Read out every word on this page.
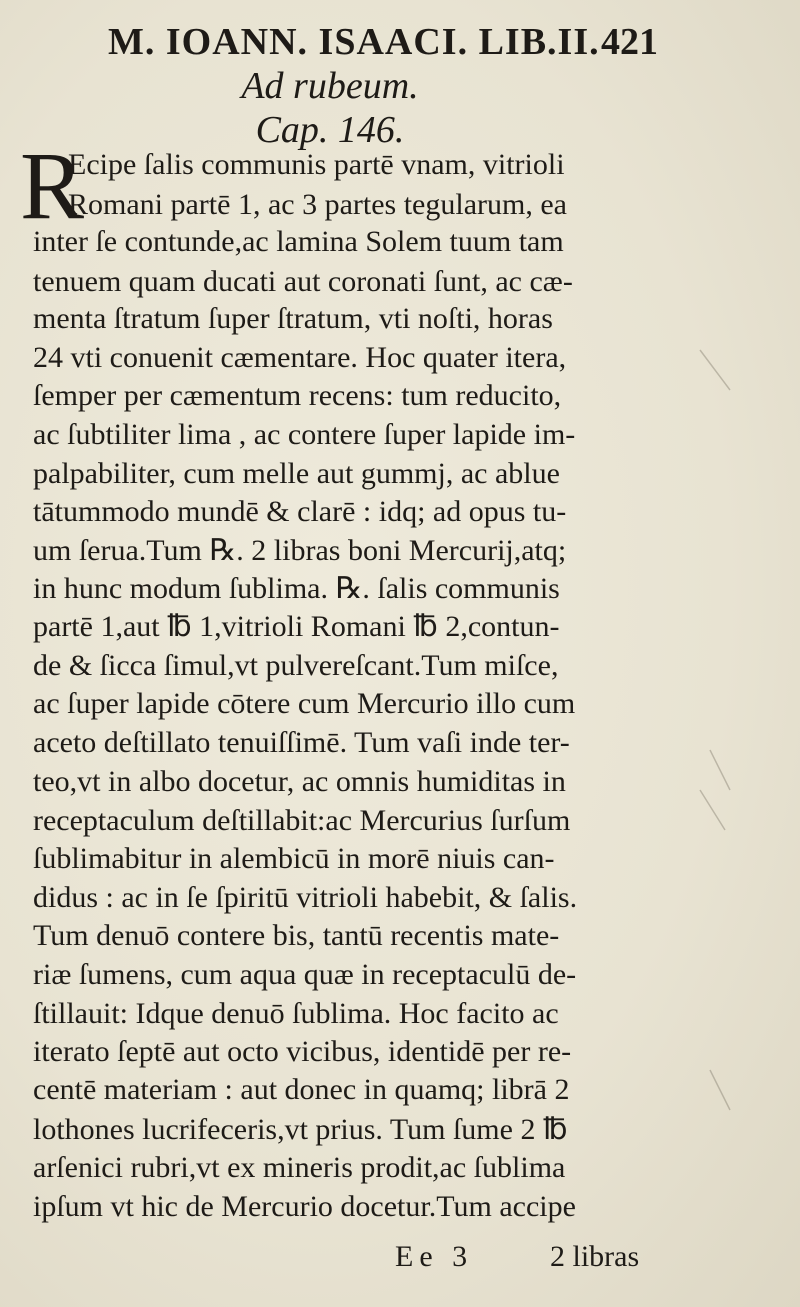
M. IOANN. ISAACI. LIB.II. 421
Ad rubeum.
Cap. 146.
R
Ecipe ſalis communis partē vnam, vitrioli
Romani partē 1, ac 3 partes tegularum, ea
inter ſe contunde,ac lamina Solem tuum tam
tenuem quam ducati aut coronati ſunt, ac cæ-
menta ſtratum ſuper ſtratum, vti noſti, horas
24 vti conuenit cæmentare. Hoc quater itera,
ſemper per cæmentum recens: tum reducito,
ac ſubtiliter lima , ac contere ſuper lapide im-
palpabiliter, cum melle aut gummj, ac ablue
tātummodo mundē & clarē : idq; ad opus tu-
um ſerua.Tum ℞. 2 libras boni Mercurij,atq;
in hunc modum ſublima. ℞. ſalis communis
partē 1,aut ℔ 1,vitrioli Romani ℔ 2,contun-
de & ſicca ſimul,vt pulvereſcant.Tum miſce,
ac ſuper lapide cōtere cum Mercurio illo cum
aceto deſtillato tenuiſſimē. Tum vaſi inde ter-
teo,vt in albo docetur, ac omnis humiditas in
receptaculum deſtillabit:ac Mercurius ſurſum
ſublimabitur in alembicū in morē niuis can-
didus : ac in ſe ſpiritū vitrioli habebit, & ſalis.
Tum denuō contere bis, tantū recentis mate-
riæ ſumens, cum aqua quæ in receptaculū de-
ſtillauit: Idque denuō ſublima. Hoc facito ac
iterato ſeptē aut octo vicibus, identidē per re-
centē materiam : aut donec in quamq; librā 2
lothones lucrifeceris,vt prius. Tum ſume 2 ℔
arſenici rubri,vt ex mineris prodit,ac ſublima
ipſum vt hic de Mercurio docetur.Tum accipe
Ee 3	2 libras
